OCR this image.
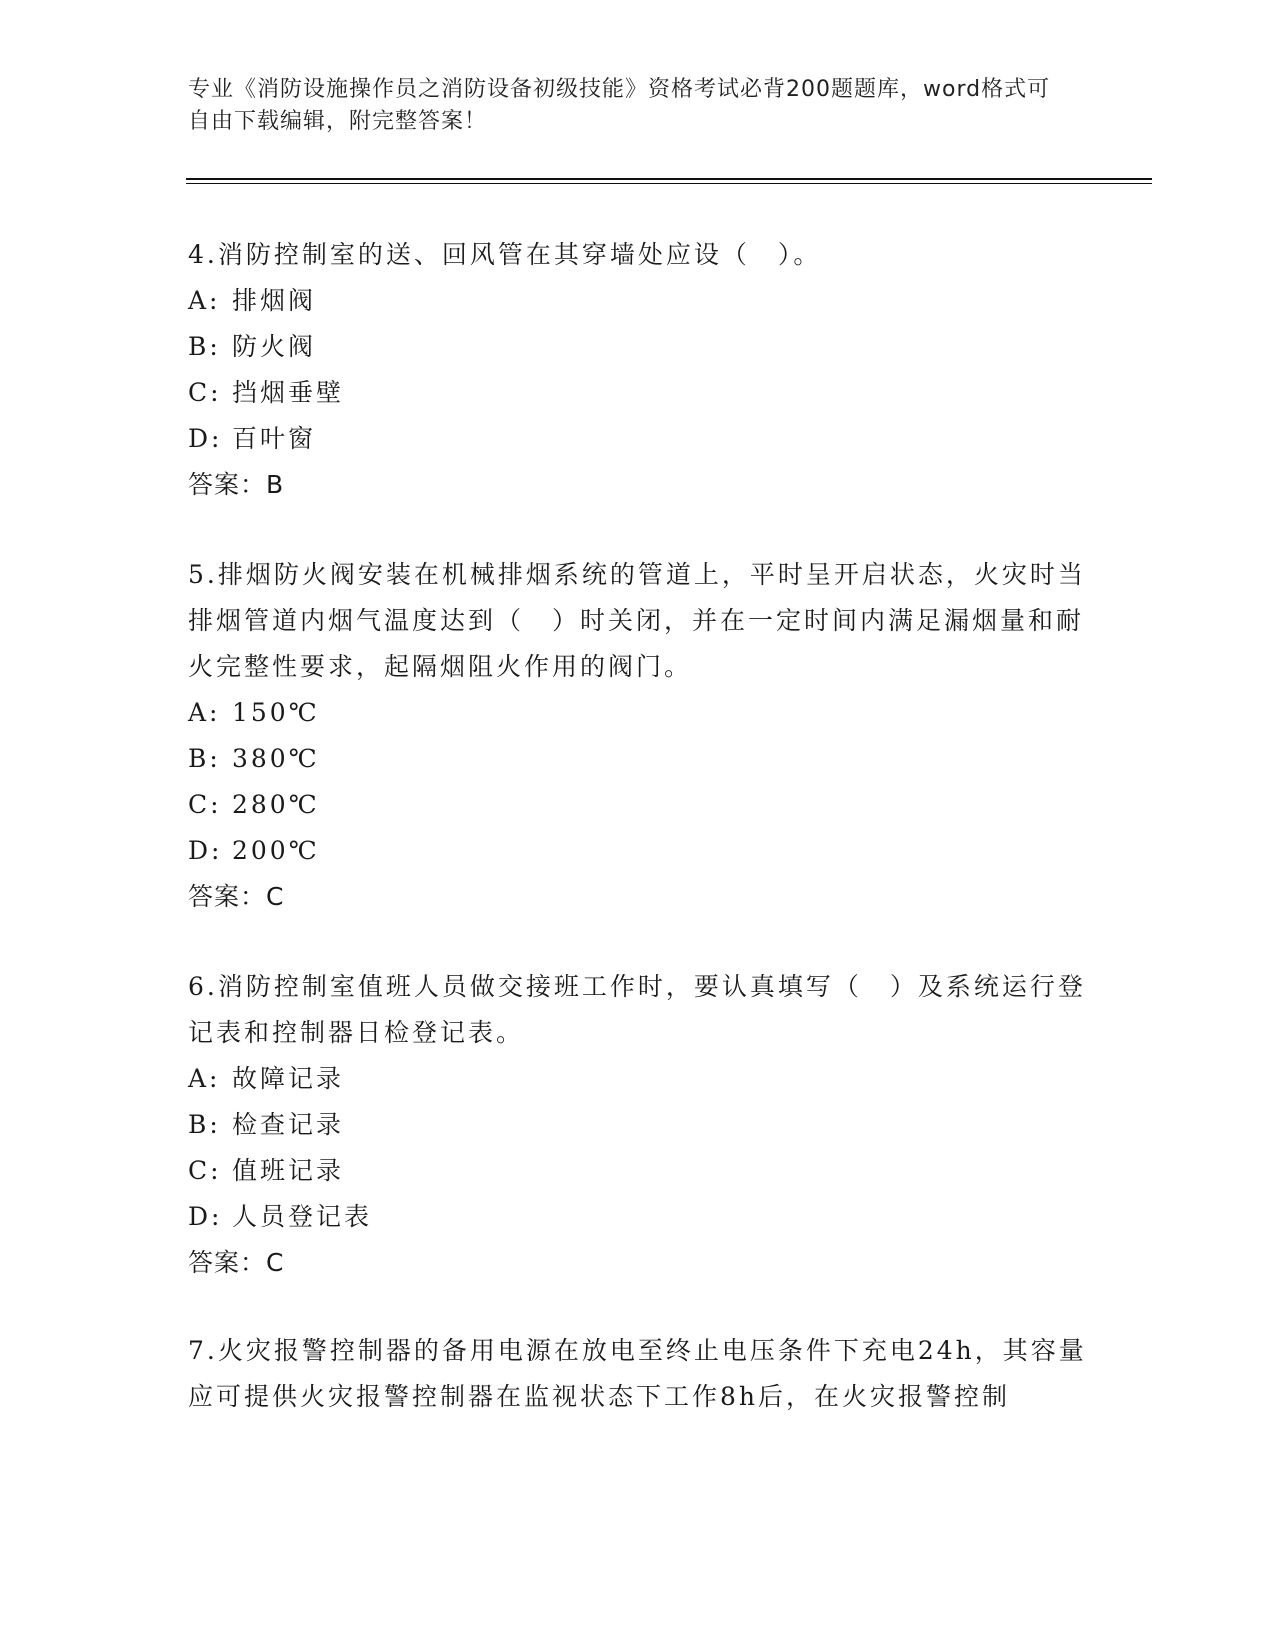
专业《消防设施操作员之消防设备初级技能》资格考试必背200题题库，word格式可自由下载编辑，附完整答案！

4.消防控制室的送、回风管在其穿墙处应设（　）。

A: 排烟阀

B: 防火阀

C: 挡烟垂壁

D: 百叶窗

答案：B

5.排烟防火阀安装在机械排烟系统的管道上，平时呈开启状态，火灾时当排烟管道内烟气温度达到（　）时关闭，并在一定时间内满足漏烟量和耐火完整性要求，起隔烟阻火作用的阀门。

A: 150℃

B: 380℃

C: 280℃

D: 200℃

答案：C

6.消防控制室值班人员做交接班工作时，要认真填写（　）及系统运行登记表和控制器日检登记表。

A: 故障记录

B: 检查记录

C: 值班记录

D: 人员登记表

答案：C

7.火灾报警控制器的备用电源在放电至终止电压条件下充电24h，其容量应可提供火灾报警控制器在监视状态下工作8h后，在火灾报警控制
